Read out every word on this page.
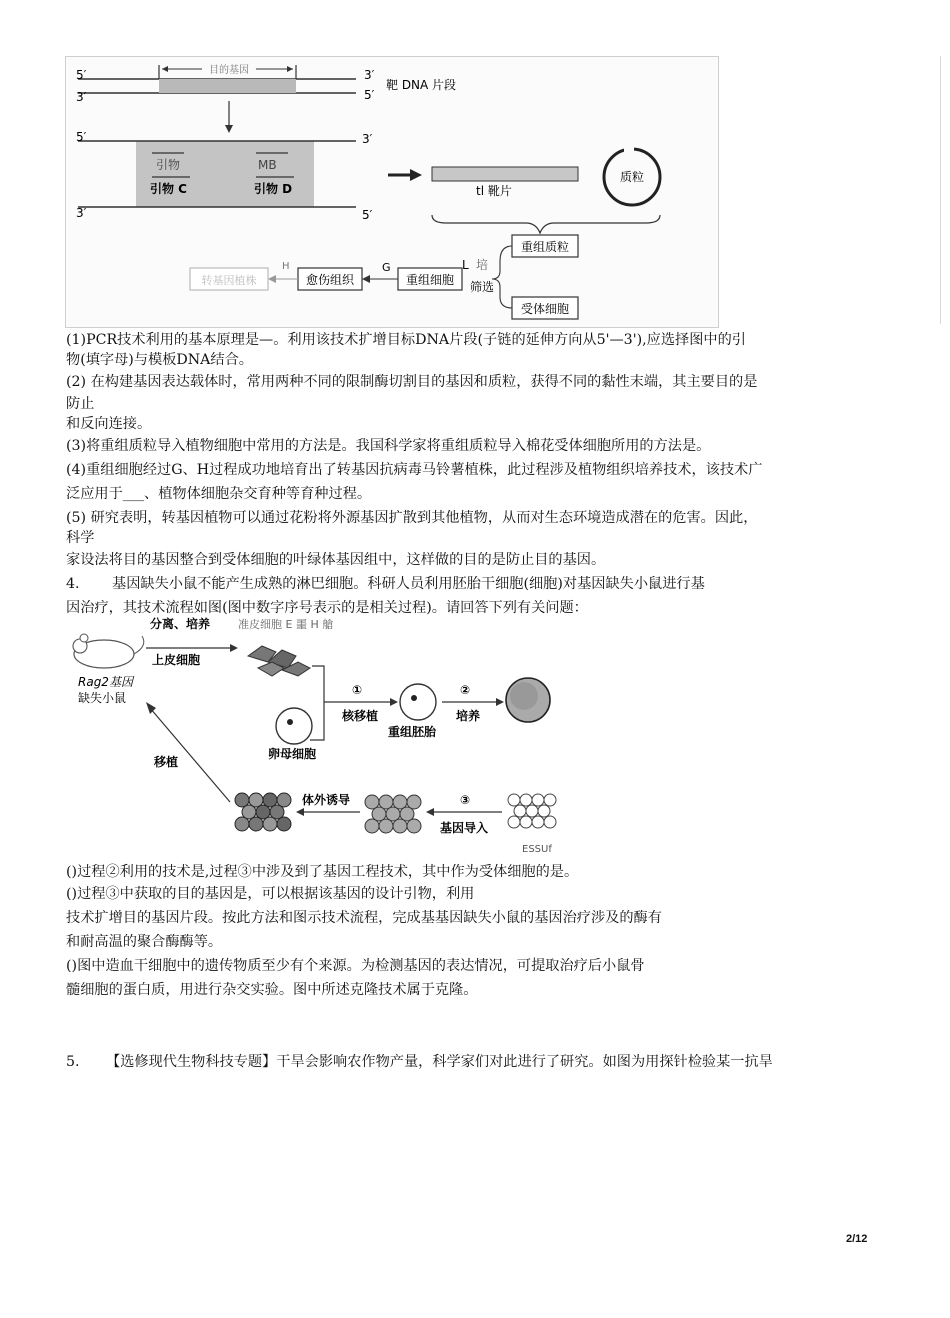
目的基因
5′
3′
3′
5′
靶 DNA 片段
5′	3′
3′	5′
引物	MB
引物 C	引物 D	tl 靴片
质粒
重组质粒
受体细胞
L 培
筛选
重组细胞
G
愈伤组织
H
转基因植株
(1)PCR技术利用的基本原理是—。利用该技术扩增目标DNA片段(子链的延伸方向从5'—3'),应选择图中的引
物(填字母)与模板DNA结合。
(2) 在构建基因表达载体时，常用两种不同的限制酶切割目的基因和质粒，获得不同的黏性末端，其主要目的是
防止
和反向连接。
(3)将重组质粒导入植物细胞中常用的方法是。我国科学家将重组质粒导入棉花受体细胞所用的方法是。
(4)重组细胞经过G、H过程成功地培育出了转基因抗病毒马铃薯植株，此过程涉及植物组织培养技术，该技术广
泛应用于___、植物体细胞杂交育种等育种过程。
(5) 研究表明，转基因植物可以通过花粉将外源基因扩散到其他植物，从而对生态环境造成潜在的危害。因此，
科学
家设法将目的基因整合到受体细胞的叶绿体基因组中，这样做的目的是防止目的基因。
4. 基因缺失小鼠不能产生成熟的淋巴细胞。科研人员利用胚胎干细胞(细胞)对基因缺失小鼠进行基
因治疗，其技术流程如图(图中数字序号表示的是相关过程)。请回答下列有关问题：
Rag2基因
缺失小鼠
分离、培养
上皮细胞
准皮细胞 E 噩 H 艙
①
核移植
卵母细胞
重组胚胎
②
培养
ESSUf
③
基因导入
体外诱导
移植
()过程②利用的技术是,过程③中涉及到了基因工程技术，其中作为受体细胞的是。
()过程③中获取的目的基因是，可以根据该基因的设计引物，利用
技术扩增目的基因片段。按此方法和图示技术流程，完成基基因缺失小鼠的基因治疗涉及的酶有
和耐高温的聚合酶酶等。
()图中造血干细胞中的遗传物质至少有个来源。为检测基因的表达情况，可提取治疗后小鼠骨
髓细胞的蛋白质，用进行杂交实验。图中所述克隆技术属于克隆。
5. 【选修现代生物科技专题】干旱会影响农作物产量，科学家们对此进行了研究。如图为用探针检验某一抗旱
2/12
